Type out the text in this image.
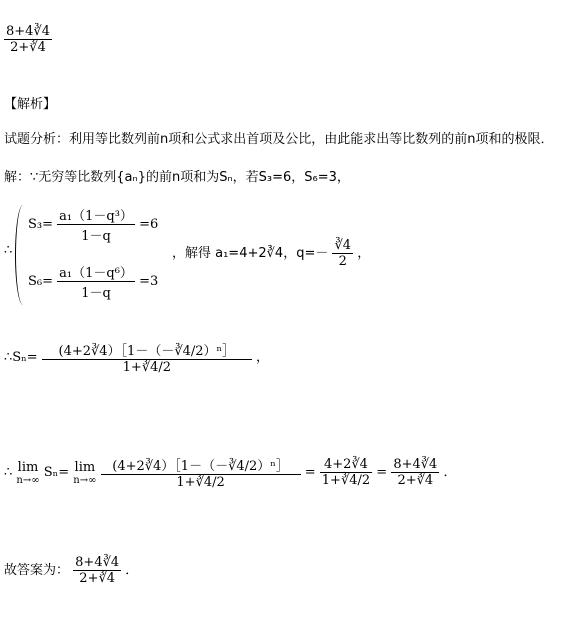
$\frac{8+4∛4}{2+∛4}$
【解析】
试题分析：利用等比数列前n项和公式求出首项及公比，由此能求出等比数列的前n项和的极限．
解：∵无穷等比数列{aₙ}的前n项和为Sₙ，若S₃=6，S₆=3，
∴
$S_3= \frac{\text{a₁（1－q³）}}{1-q} =6$
$S_6= \frac{\text{a₁（1－q⁶）}}{1-q} =3$
，解得 a₁=4+2∛4，$q=- \frac{∛4}{2}$ ，
∴Sₙ= $\frac{\text{(4+2∛4）［1－（－∛4/2）ⁿ］}}{1+∛4/2}$ ，
∴ lim
n→∞ Sₙ= lim
n→∞
$\frac{\text{(4+2∛4）［1－（－∛4/2）ⁿ］}}{1+∛4/2} = \frac{4+2∛4}{1+∛4/2} = \frac{8+4∛4}{2+∛4}$ ．
故答案为： $\frac{8+4∛4}{2+∛4}$ ．
